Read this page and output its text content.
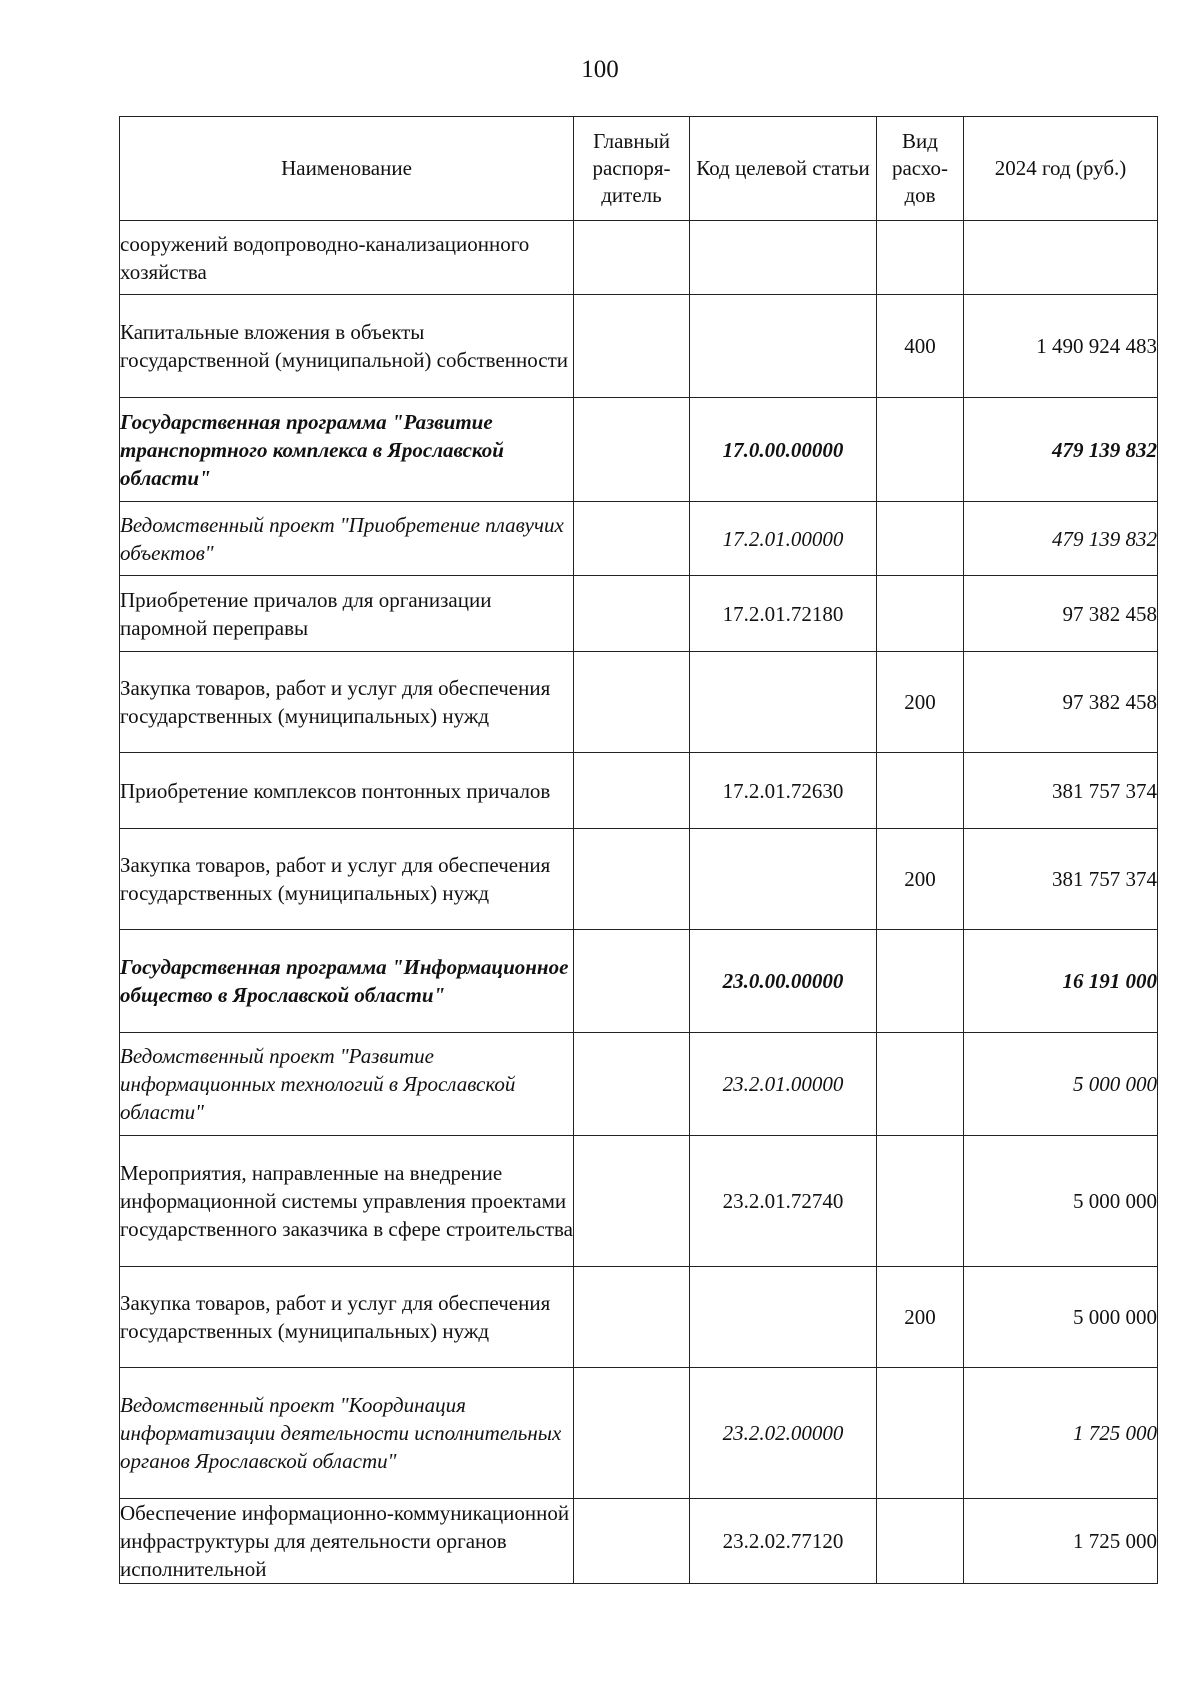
100
Наименование	Главный распоря-дитель	Код целевой статьи	Вид расхо-дов	2024 год (руб.)
сооружений водопроводно-канализационного хозяйства				
Капитальные вложения в объекты государственной (муниципальной) собственности			400	1 490 924 483
Государственная программа "Развитие транспортного комплекса в Ярославской области"		17.0.00.00000		479 139 832
Ведомственный проект "Приобретение плавучих объектов"		17.2.01.00000		479 139 832
Приобретение причалов для организации паромной переправы		17.2.01.72180		97 382 458
Закупка товаров, работ и услуг для обеспечения государственных (муниципальных) нужд			200	97 382 458
Приобретение комплексов понтонных причалов		17.2.01.72630		381 757 374
Закупка товаров, работ и услуг для обеспечения государственных (муниципальных) нужд			200	381 757 374
Государственная программа "Информационное общество в Ярославской области"		23.0.00.00000		16 191 000
Ведомственный проект "Развитие информационных технологий в Ярославской области"		23.2.01.00000		5 000 000
Мероприятия, направленные на внедрение информационной системы управления проектами государственного заказчика в сфере строительства		23.2.01.72740		5 000 000
Закупка товаров, работ и услуг для обеспечения государственных (муниципальных) нужд			200	5 000 000
Ведомственный проект "Координация информатизации деятельности исполнительных органов Ярославской области"		23.2.02.00000		1 725 000
Обеспечение информационно-коммуникационной инфраструктуры для деятельности органов исполнительной		23.2.02.77120		1 725 000
